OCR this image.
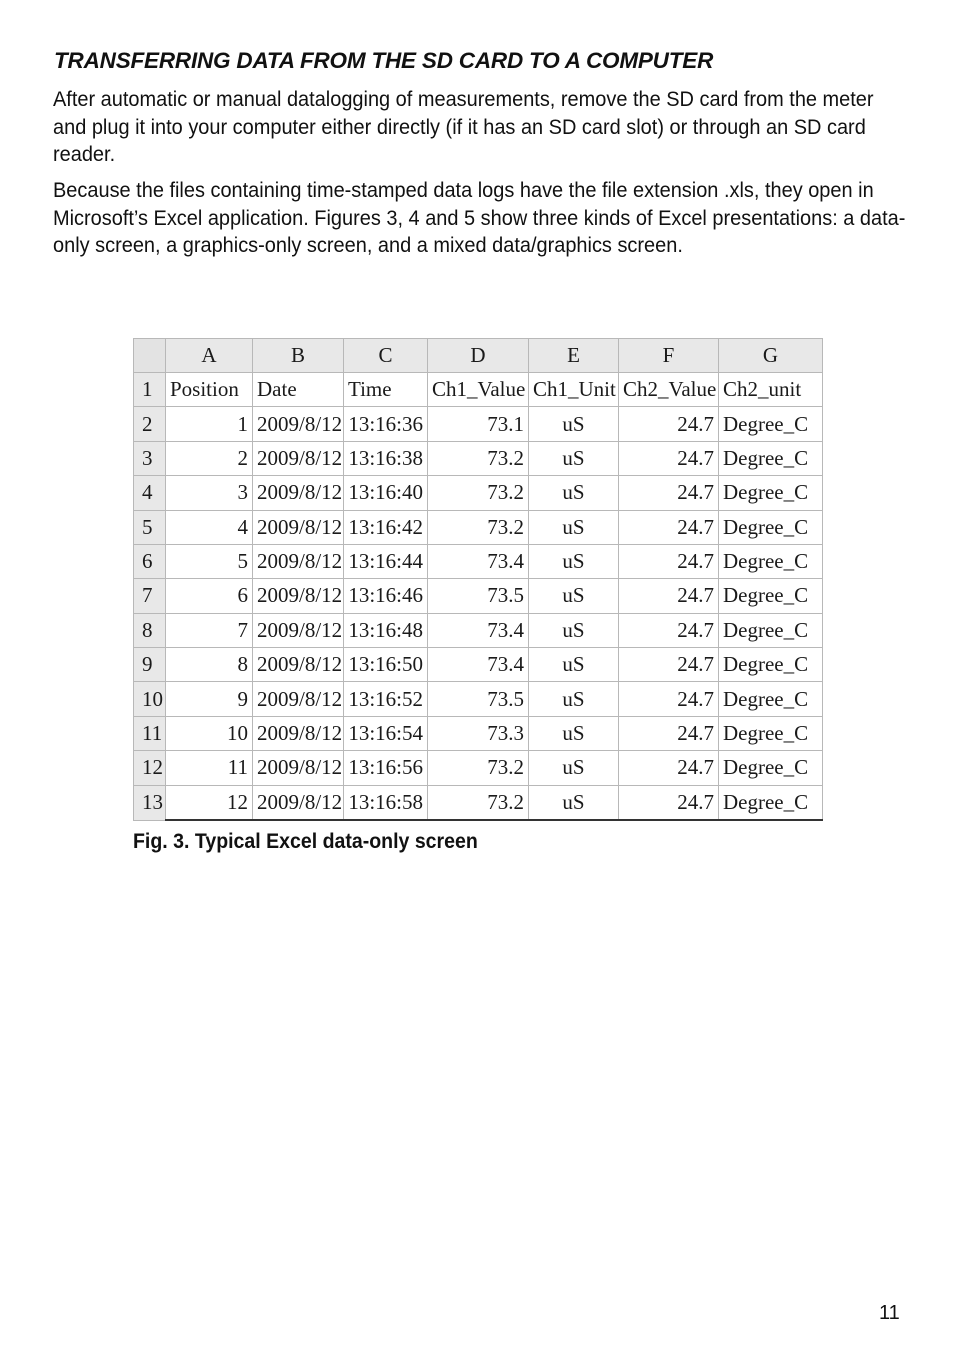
TRANSFERRING DATA FROM THE SD CARD TO A COMPUTER

After automatic or manual datalogging of measurements, remove the SD card from the meter and plug it into your computer either directly (if it has an SD card slot) or through an SD card reader.

Because the files containing time-stamped data logs have the file extension .xls, they open in Microsoft’s Excel application. Figures 3, 4 and 5 show three kinds of Excel presentations: a data-only screen, a graphics-only screen, and a mixed data/graphics screen.

	A	B	C	D	E	F	G
1	Position	Date	Time	Ch1_Value	Ch1_Unit	Ch2_Value	Ch2_unit
2	1	2009/8/12	13:16:36	73.1	uS	24.7	Degree_C
3	2	2009/8/12	13:16:38	73.2	uS	24.7	Degree_C
4	3	2009/8/12	13:16:40	73.2	uS	24.7	Degree_C
5	4	2009/8/12	13:16:42	73.2	uS	24.7	Degree_C
6	5	2009/8/12	13:16:44	73.4	uS	24.7	Degree_C
7	6	2009/8/12	13:16:46	73.5	uS	24.7	Degree_C
8	7	2009/8/12	13:16:48	73.4	uS	24.7	Degree_C
9	8	2009/8/12	13:16:50	73.4	uS	24.7	Degree_C
10	9	2009/8/12	13:16:52	73.5	uS	24.7	Degree_C
11	10	2009/8/12	13:16:54	73.3	uS	24.7	Degree_C
12	11	2009/8/12	13:16:56	73.2	uS	24.7	Degree_C
13	12	2009/8/12	13:16:58	73.2	uS	24.7	Degree_C

Fig. 3. Typical Excel data-only screen

11
